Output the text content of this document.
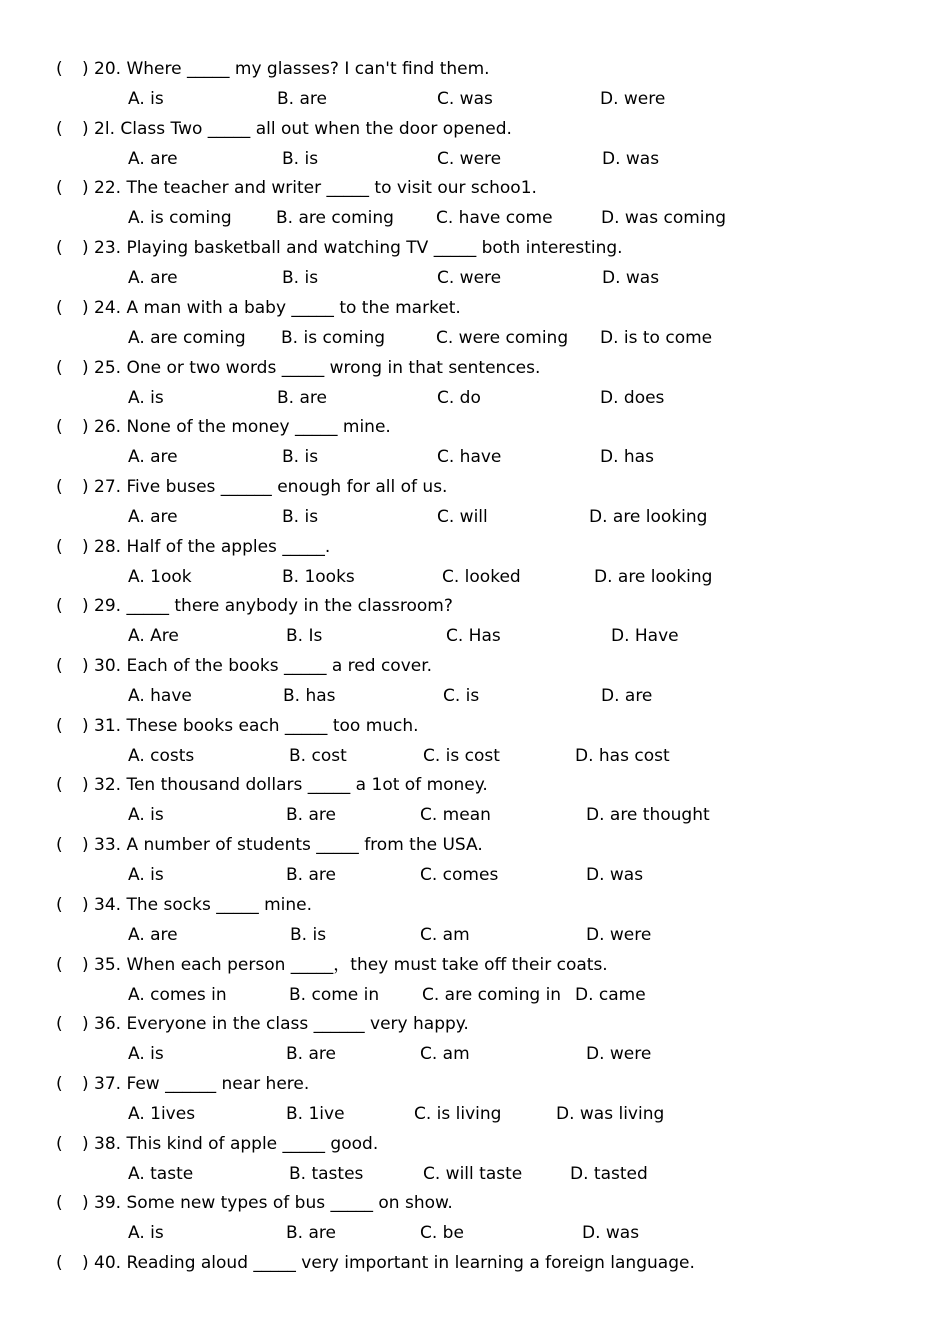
( ) 20. Where _____ my glasses? I can't find them.
A. is	B. are	C. was	D. were
( ) 2l. Class Two _____ all out when the door opened.
A. are	B. is	C. were	D. was
( ) 22. The teacher and writer _____ to visit our schoo1.
A. is coming	B. are coming C. have come	D. was coming
( ) 23. Playing basketball and watching TV _____ both interesting.
A. are	B. is	C. were	D. was
( ) 24. A man with a baby _____ to the market.
A. are coming B. is coming	C. were coming D. is to come
( ) 25. One or two words _____ wrong in that sentences.
A. is	B. are	C. do	D. does
( ) 26. None of the money _____ mine.
A. are	B. is	C. have	D. has
( ) 27. Five buses ______ enough for all of us.
A. are	B. is	C. will	D. are looking
( ) 28. Half of the apples _____.
A. 1ook	B. 1ooks	C. looked	D. are looking
( ) 29. _____ there anybody in the classroom?
A. Are	B. Is	C. Has	D. Have
( ) 30. Each of the books _____ a red cover.
A. have	B. has	C. is	D. are
( ) 31. These books each _____ too much.
A. costs	B. cost	C. is cost	D. has cost
( ) 32. Ten thousand dollars _____ a 1ot of money.
A. is	B. are	C. mean	D. are thought
( ) 33. A number of students _____ from the USA.
A. is	B. are	C. comes	D. was
( ) 34. The socks _____ mine.
A. are	B. is	C. am	D. were
( ) 35. When each person _____，they must take off their coats.
A. comes in	B. come in	C. are coming in D. came
( ) 36. Everyone in the class ______ very happy.
A. is	B. are	C. am	D. were
( ) 37. Few ______ near here.
A. 1ives	B. 1ive	C. is living	D. was living
( ) 38. This kind of apple _____ good.
A. taste	B. tastes	C. will taste	D. tasted
( ) 39. Some new types of bus _____ on show.
A. is	B. are	C. be	D. was
( ) 40. Reading aloud _____ very important in learning a foreign language.
